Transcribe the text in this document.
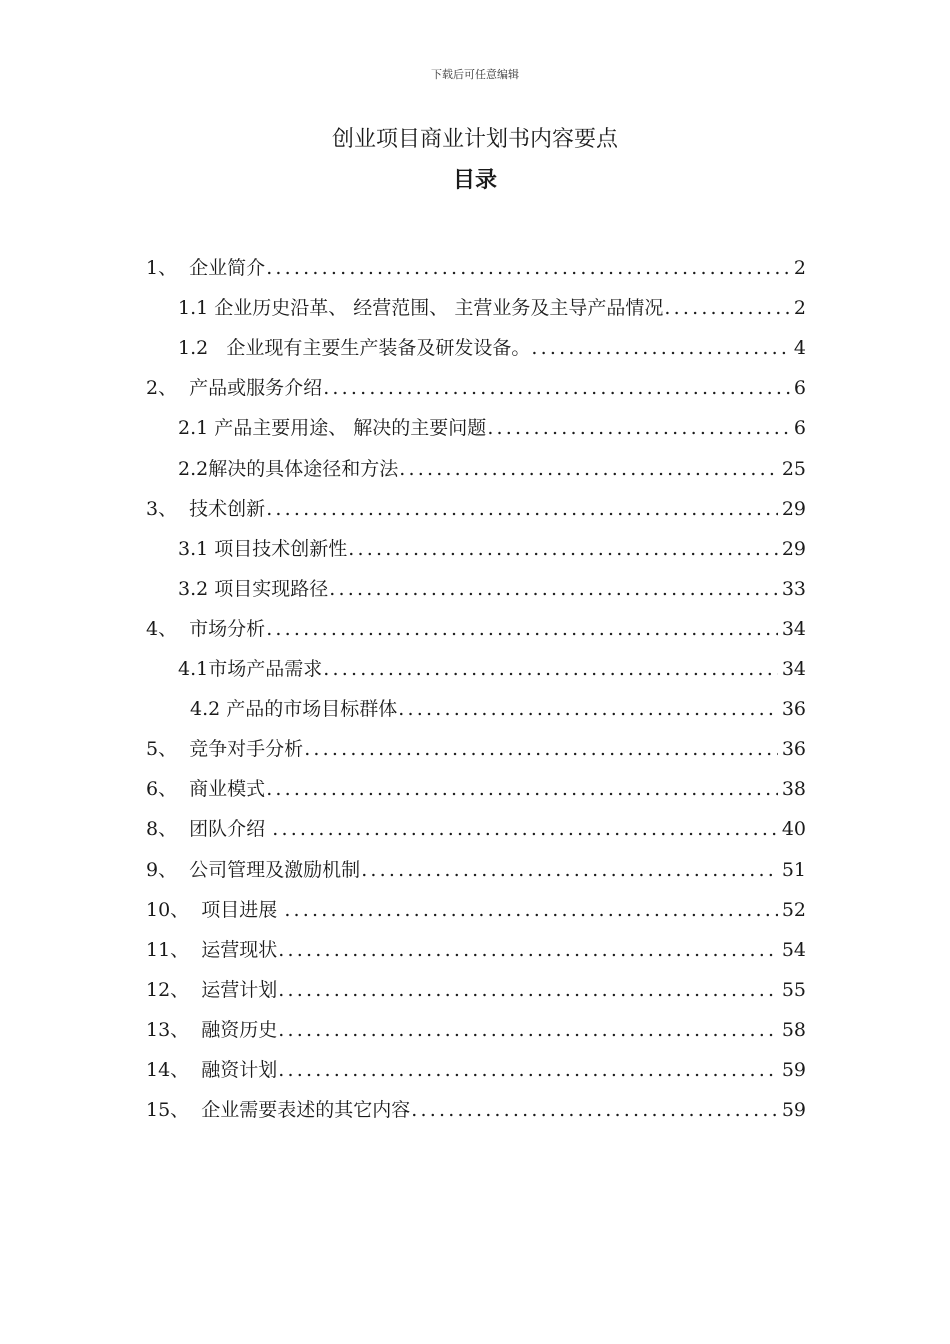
下载后可任意编辑
创业项目商业计划书内容要点
目录
1、 企业简介 .....	2
1.1 企业历史沿革、 经营范围、 主营业务及主导产品情况 .....	2
1.2 企业现有主要生产装备及研发设备。 .....	4
2、 产品或服务介绍 .....	6
2.1 产品主要用途、 解决的主要问题 .....	6
2.2 解决的具体途径和方法 .....	25
3、 技术创新 .....	29
3.1 项目技术创新性 .....	29
3.2 项目实现路径 .....	33
4、 市场分析 .....	34
4.1 市场产品需求 .....	34
4.2 产品的市场目标群体 .....	36
5、 竞争对手分析 .....	36
6、 商业模式 .....	38
8、 团队介绍 .....	40
9、 公司管理及激励机制 .....	51
10、 项目进展 .....	52
11、 运营现状 .....	54
12、 运营计划 .....	55
13、 融资历史 .....	58
14、 融资计划 .....	59
15、 企业需要表述的其它内容 .....	59
